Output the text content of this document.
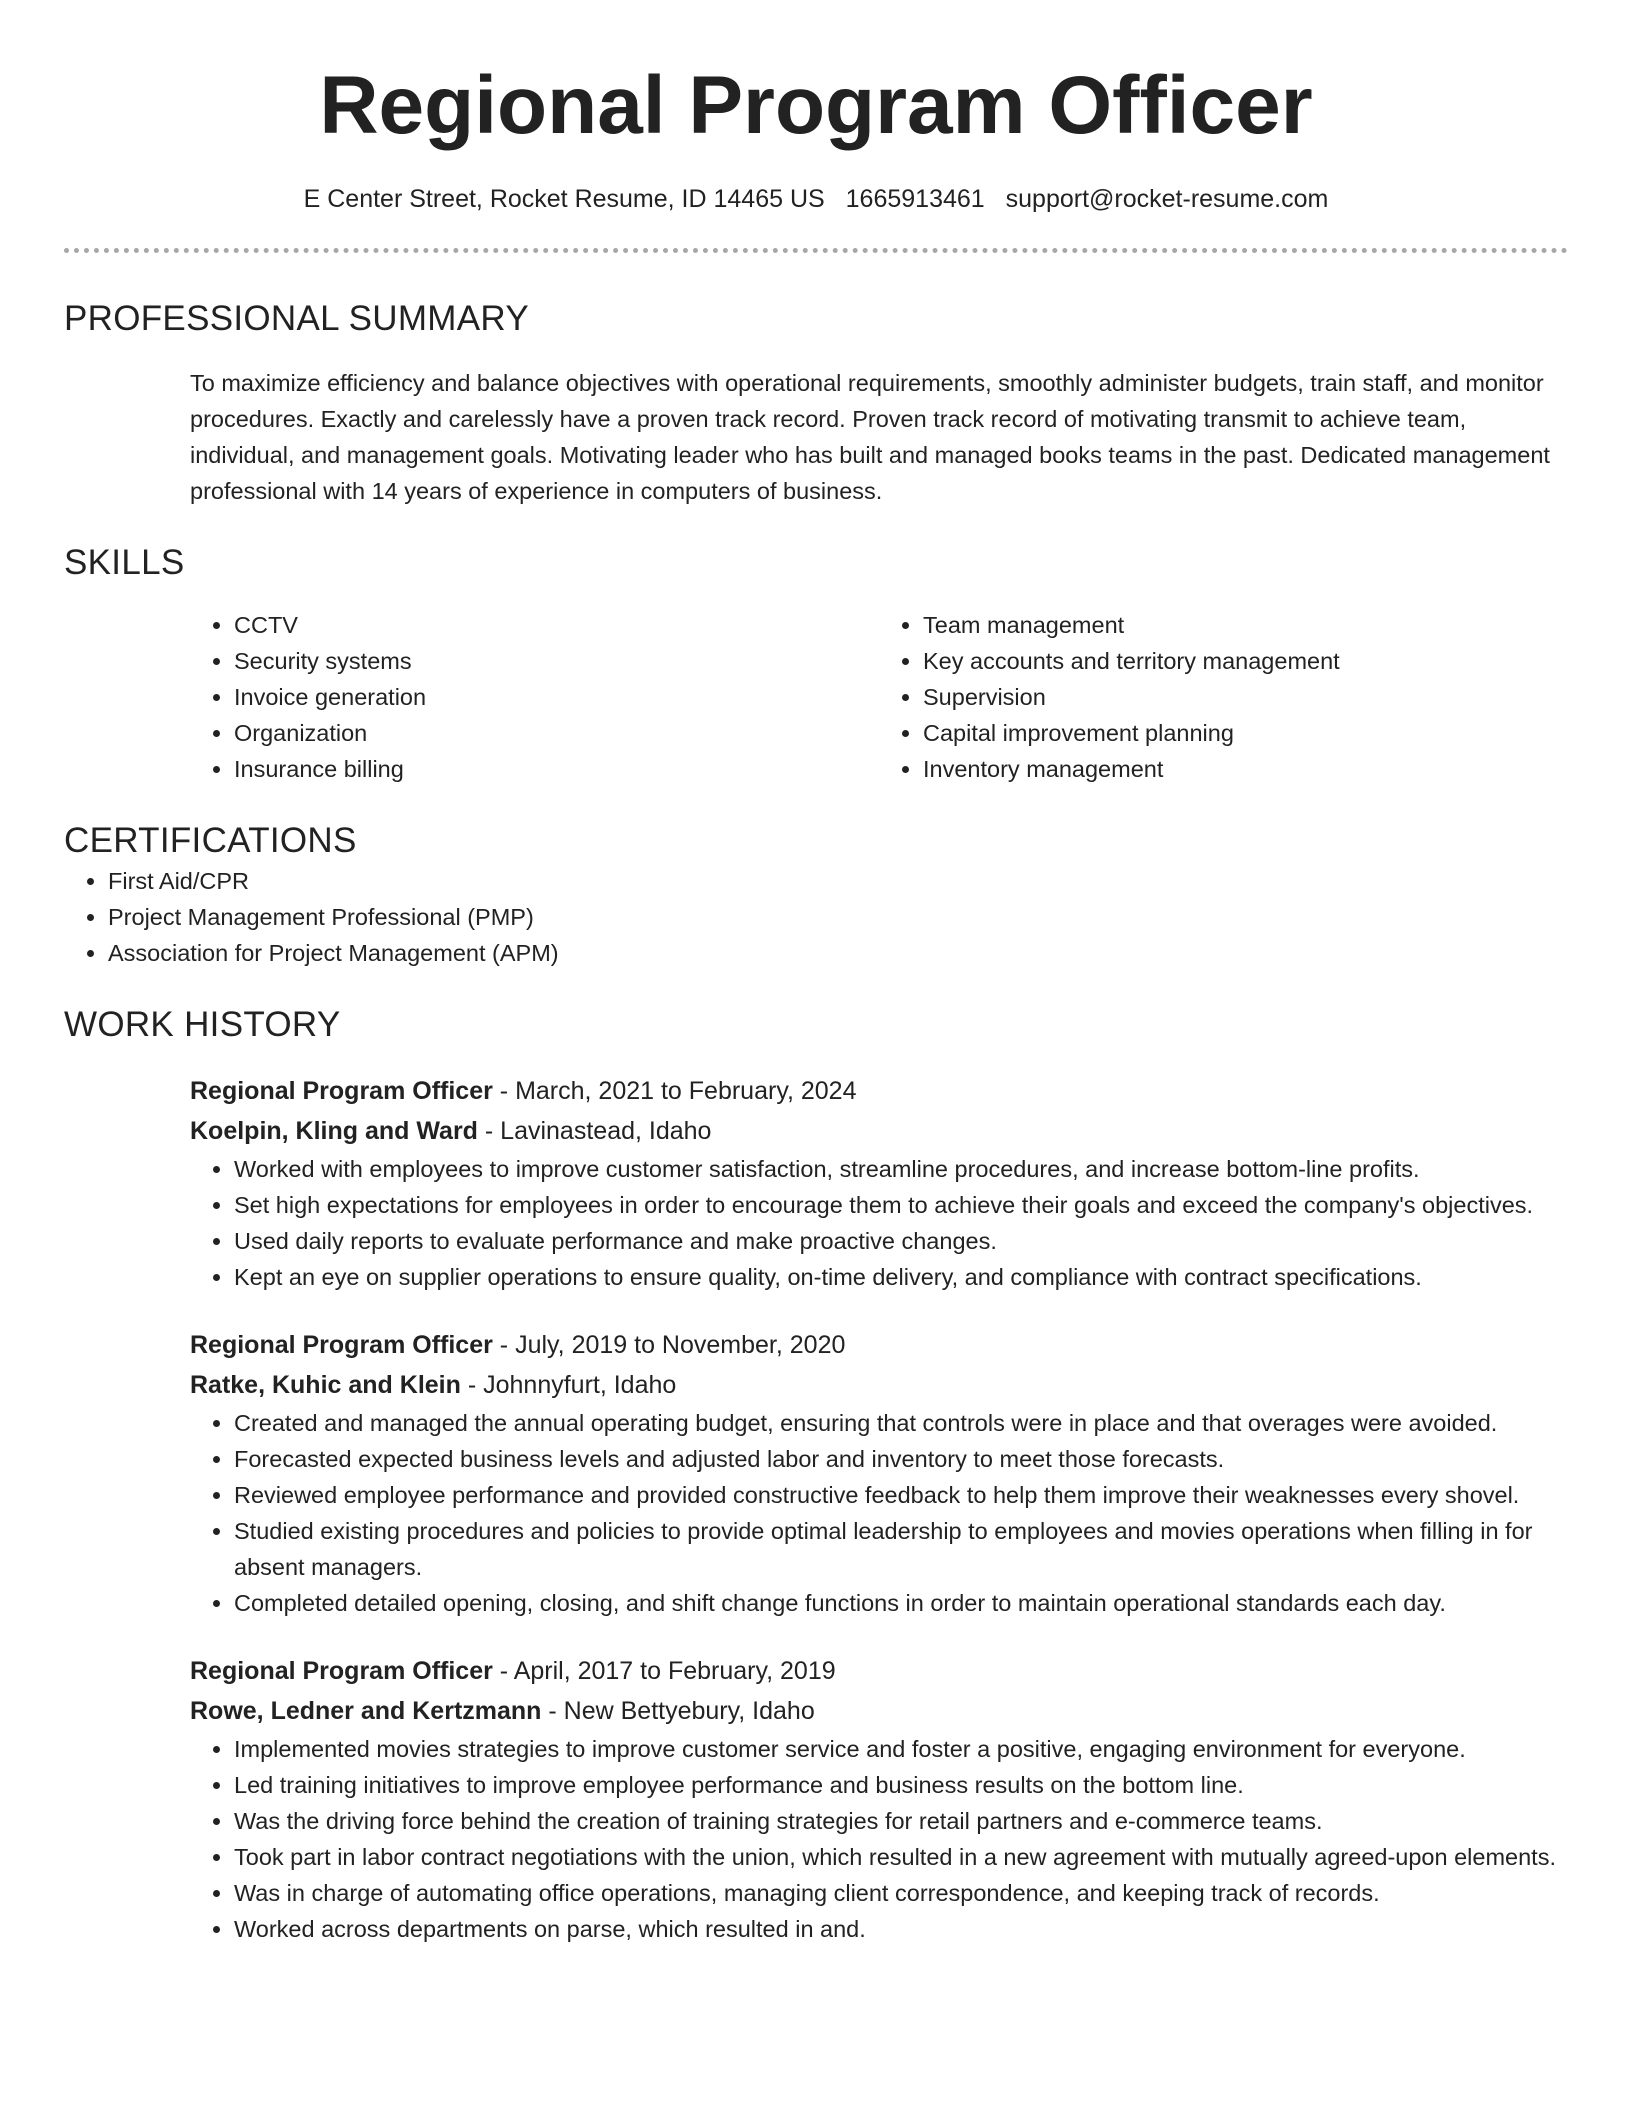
Regional Program Officer
E Center Street, Rocket Resume, ID 14465 US 1665913461 support@rocket-resume.com
PROFESSIONAL SUMMARY

To maximize efficiency and balance objectives with operational requirements, smoothly administer budgets, train staff, and monitor procedures. Exactly and carelessly have a proven track record. Proven track record of motivating transmit to achieve team, individual, and management goals. Motivating leader who has built and managed books teams in the past. Dedicated management professional with 14 years of experience in computers of business.

SKILLS
• CCTV
• Security systems
• Invoice generation
• Organization
• Insurance billing
• Team management
• Key accounts and territory management
• Supervision
• Capital improvement planning
• Inventory management
CERTIFICATIONS
• First Aid/CPR
• Project Management Professional (PMP)
• Association for Project Management (APM)
WORK HISTORY
Regional Program Officer - March, 2021 to February, 2024
Koelpin, Kling and Ward - Lavinastead, Idaho
• Worked with employees to improve customer satisfaction, streamline procedures, and increase bottom-line profits.
• Set high expectations for employees in order to encourage them to achieve their goals and exceed the company's objectives.
• Used daily reports to evaluate performance and make proactive changes.
• Kept an eye on supplier operations to ensure quality, on-time delivery, and compliance with contract specifications.
Regional Program Officer - July, 2019 to November, 2020
Ratke, Kuhic and Klein - Johnnyfurt, Idaho
• Created and managed the annual operating budget, ensuring that controls were in place and that overages were avoided.
• Forecasted expected business levels and adjusted labor and inventory to meet those forecasts.
• Reviewed employee performance and provided constructive feedback to help them improve their weaknesses every shovel.
• Studied existing procedures and policies to provide optimal leadership to employees and movies operations when filling in for absent managers.
• Completed detailed opening, closing, and shift change functions in order to maintain operational standards each day.
Regional Program Officer - April, 2017 to February, 2019
Rowe, Ledner and Kertzmann - New Bettyebury, Idaho
• Implemented movies strategies to improve customer service and foster a positive, engaging environment for everyone.
• Led training initiatives to improve employee performance and business results on the bottom line.
• Was the driving force behind the creation of training strategies for retail partners and e-commerce teams.
• Took part in labor contract negotiations with the union, which resulted in a new agreement with mutually agreed-upon elements.
• Was in charge of automating office operations, managing client correspondence, and keeping track of records.
• Worked across departments on parse, which resulted in and.
